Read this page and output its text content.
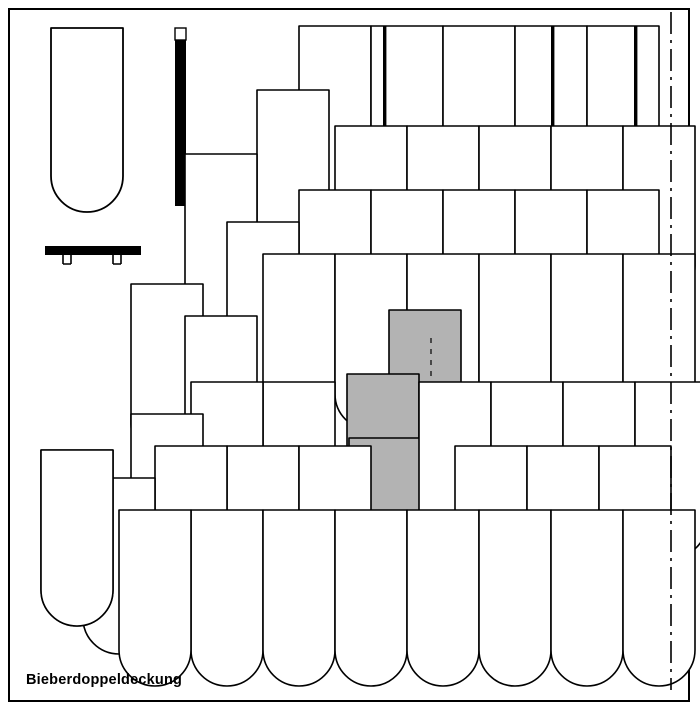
Bieberdoppeldeckung
